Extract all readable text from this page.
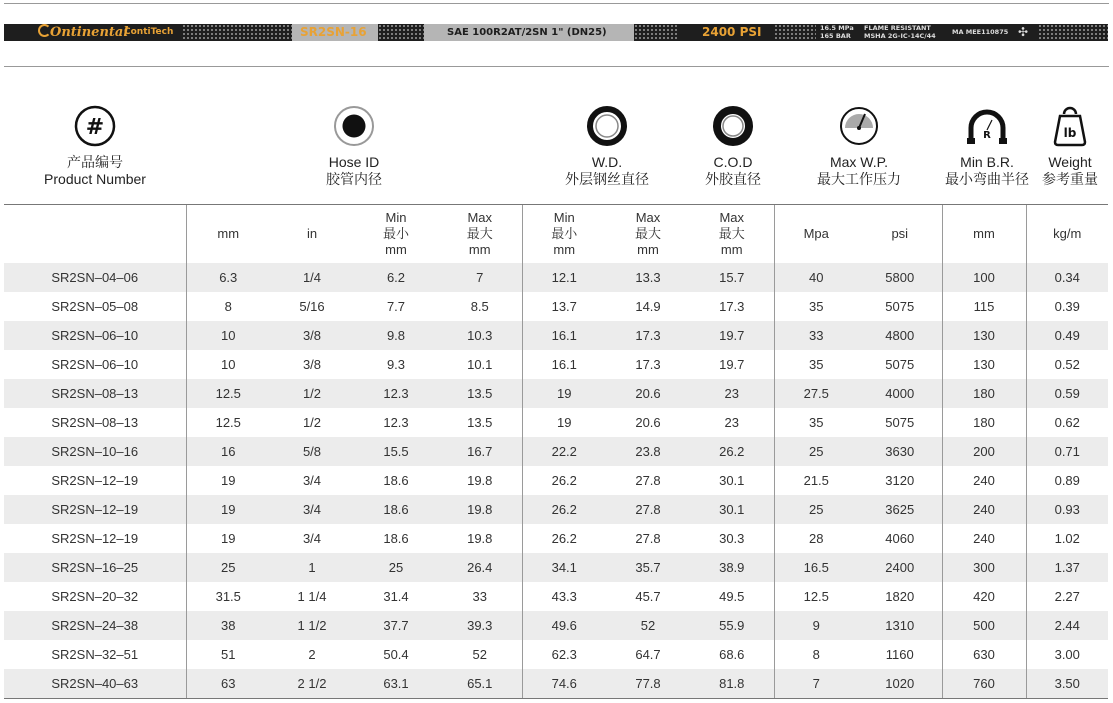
Ontinental
ContiTech	SR2SN-16	SAE 100R2AT/2SN 1" (DN25)	2400 PSI	16.5 MPa
165 BAR
FLAME RESISTANT
MSHA 2G-IC-14C/44	MA MEE110875 ✣
#
产品编号
Product Number
Hose ID
胶管内径
W.D.
外层钢丝直径
C.O.D
外胶直径
Max W.P.
最大工作压力
R
Min B.R.
最小弯曲半径
lb
Weight
参考重量
	mm	in	Min
最小
mm	Max
最大
mm	Min
最小
mm	Max
最大
mm	Max
最大
mm	Mpa	psi	mm	kg/m
SR2SN–04–06	6.3	1/4	6.2	7	12.1	13.3	15.7	40	5800	100	0.34
SR2SN–05–08	8	5/16	7.7	8.5	13.7	14.9	17.3	35	5075	115	0.39
SR2SN–06–10	10	3/8	9.8	10.3	16.1	17.3	19.7	33	4800	130	0.49
SR2SN–06–10	10	3/8	9.3	10.1	16.1	17.3	19.7	35	5075	130	0.52
SR2SN–08–13	12.5	1/2	12.3	13.5	19	20.6	23	27.5	4000	180	0.59
SR2SN–08–13	12.5	1/2	12.3	13.5	19	20.6	23	35	5075	180	0.62
SR2SN–10–16	16	5/8	15.5	16.7	22.2	23.8	26.2	25	3630	200	0.71
SR2SN–12–19	19	3/4	18.6	19.8	26.2	27.8	30.1	21.5	3120	240	0.89
SR2SN–12–19	19	3/4	18.6	19.8	26.2	27.8	30.1	25	3625	240	0.93
SR2SN–12–19	19	3/4	18.6	19.8	26.2	27.8	30.3	28	4060	240	1.02
SR2SN–16–25	25	1	25	26.4	34.1	35.7	38.9	16.5	2400	300	1.37
SR2SN–20–32	31.5	1 1/4	31.4	33	43.3	45.7	49.5	12.5	1820	420	2.27
SR2SN–24–38	38	1 1/2	37.7	39.3	49.6	52	55.9	9	1310	500	2.44
SR2SN–32–51	51	2	50.4	52	62.3	64.7	68.6	8	1160	630	3.00
SR2SN–40–63	63	2 1/2	63.1	65.1	74.6	77.8	81.8	7	1020	760	3.50
